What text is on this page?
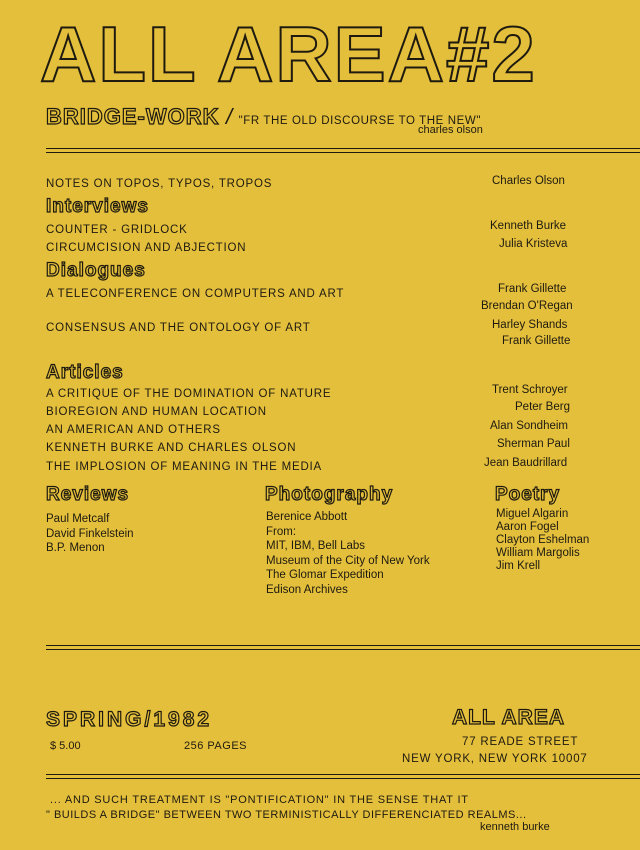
ALL AREA#2
BRIDGE-WORK / "FR THE OLD DISCOURSE TO THE NEW"
charles olson
NOTES ON TOPOS, TYPOS, TROPOS	Charles Olson
Interviews
COUNTER - GRIDLOCK	Kenneth Burke
CIRCUMCISION AND ABJECTION	Julia Kristeva
Dialogues
A TELECONFERENCE ON COMPUTERS AND ART	Frank Gillette
Brendan O'Regan
CONSENSUS AND THE ONTOLOGY OF ART	Harley Shands
Frank Gillette
Articles
A CRITIQUE OF THE DOMINATION OF NATURE	Trent Schroyer
BIOREGION AND HUMAN LOCATION	Peter Berg
AN AMERICAN AND OTHERS	Alan Sondheim
KENNETH BURKE AND CHARLES OLSON	Sherman Paul
THE IMPLOSION OF MEANING IN THE MEDIA	Jean Baudrillard
Reviews
Paul Metcalf
David Finkelstein
B.P. Menon
Photography
Berenice Abbott
From:
MIT, IBM, Bell Labs
Museum of the City of New York
The Glomar Expedition
Edison Archives
Poetry
Miguel Algarin
Aaron Fogel
Clayton Eshelman
William Margolis
Jim Krell
SPRING/1982
$ 5.00	256 PAGES
ALL AREA
77 READE STREET
NEW YORK, NEW YORK 10007
... AND SUCH TREATMENT IS "PONTIFICATION" IN THE SENSE THAT IT
" BUILDS A BRIDGE" BETWEEN TWO TERMINISTICALLY DIFFERENCIATED REALMS...
kenneth burke
